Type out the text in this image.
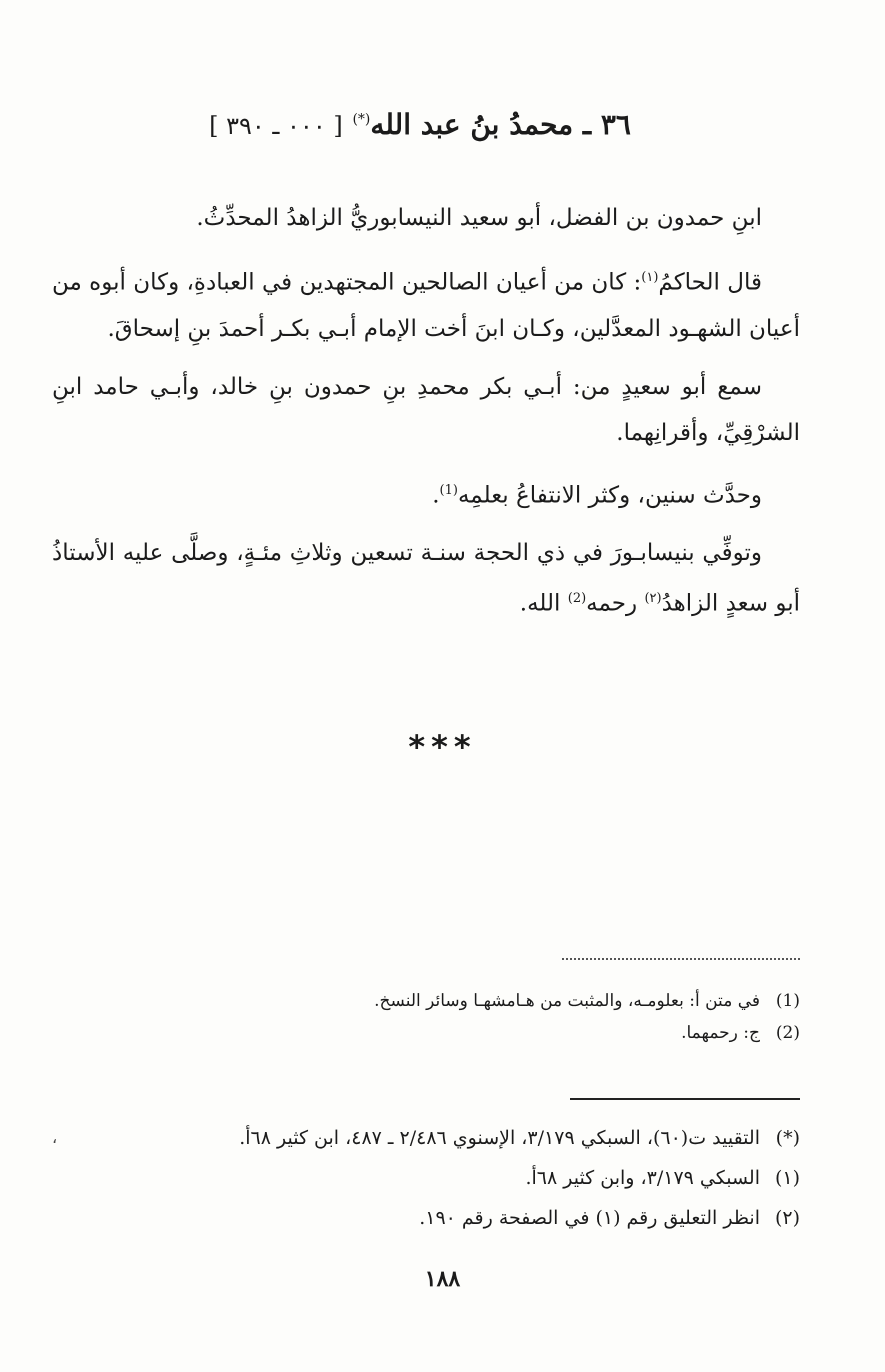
٣٦ ـ محمدُ بنُ عبد الله(*) [ ٠٠٠ ـ ٣٩٠ ]

ابنِ حمدون بن الفضل، أبو سعيد النيسابوريُّ الزاهدُ المحدِّثُ.

قال الحاكمُ$^{(١)}$: كان من أعيان الصالحين المجتهدين في العبادةِ، وكان أبوه من أعيان الشهـود المعدَّلين، وكـان ابنَ أخت الإمام أبـي بكـر أحمدَ بنِ إسحاقَ.

سمع أبو سعيدٍ من: أبـي بكر محمدِ بنِ حمدون بنِ خالد، وأبـي حامد ابنِ الشرْقِيِّ، وأقرانِهما.

وحدَّث سنين، وكثر الانتفاعُ بعلمِه$^{(1)}$.

وتوفِّي بنيسابـورَ في ذي الحجة سنـة تسعين وثلاثِ مئـةٍ، وصلَّى عليه الأستاذُ أبو سعدٍ الزاهدُ$^{(٢)}$ رحمه$^{(2)}$ الله.

***
(1)
في متن أ: بعلومـه، والمثبت من هـامشهـا وسائر النسخ.
(2)
ج: رحمهما.
،	(*)
التقييد ت(٦٠)، السبكي ٣/١٧٩، الإسنوي ٢/٤٨٦ ـ ٤٨٧، ابن كثير ٦٨أ.
(١)
السبكي ٣/١٧٩، وابن كثير ٦٨أ.
(٢)
انظر التعليق رقم (١) في الصفحة رقم ١٩٠.
١٨٨
